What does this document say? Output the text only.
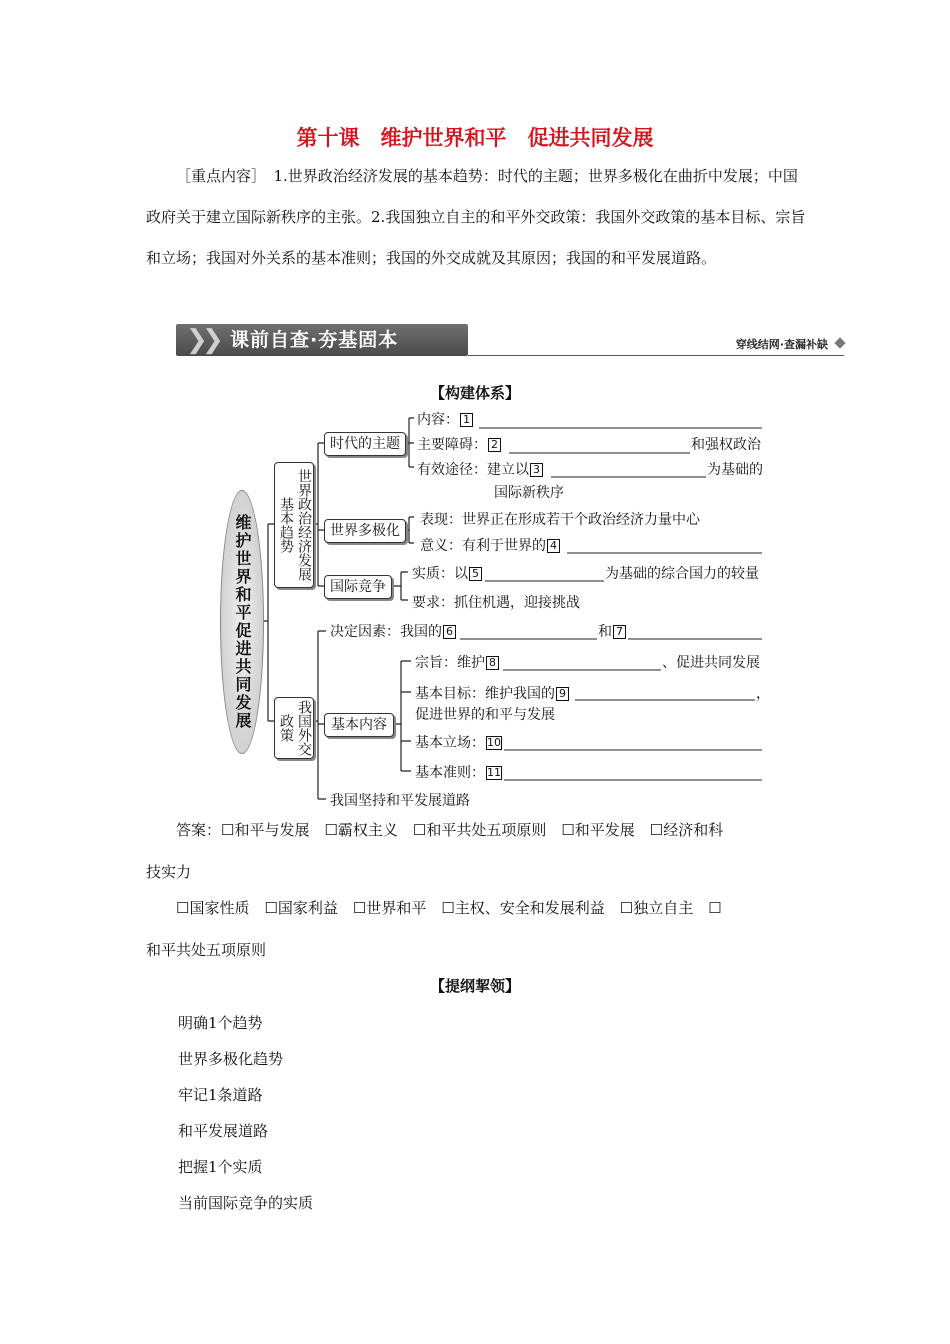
第十课　维护世界和平　促进共同发展
［重点内容］　1.世界政治经济发展的基本趋势：时代的主题；世界多极化在曲折中发展；中国政府关于建立国际新秩序的主张。2.我国独立自主的和平外交政策：我国外交政策的基本目标、宗旨和立场；我国对外关系的基本准则；我国的外交成就及其原因；我国的和平发展道路。
❯
❯ 课前自查·夯基固本	穿线结网·查漏补缺
【构建体系】
维护世界和平促进共同发展	世界政治经济发展基本趋势
我国外交政策
时代的主题
世界多极化
国际竞争
基本内容
内容： 1
主要障碍： 2	和强权政治
有效途径：建立以 3	为基础的
国际新秩序
表现：世界正在形成若干个政治经济力量中心
意义：有利于世界的 4
实质：以 5	为基础的综合国力的较量
要求：抓住机遇，迎接挑战
决定因素：我国的 6	和 7
宗旨：维护 8	、促进共同发展
基本目标：维护我国的 9	，
促进世界的和平与发展
基本立场： 10
基本准则： 11
我国坚持和平发展道路
答案：☐和平与发展　☐霸权主义　☐和平共处五项原则　☐和平发展　☐经济和科
技实力
☐国家性质　☐国家利益　☐世界和平　☐主权、安全和发展利益　☐独立自主　☐
和平共处五项原则
【提纲挈领】
明确1个趋势
世界多极化趋势
牢记1条道路
和平发展道路
把握1个实质
当前国际竞争的实质
